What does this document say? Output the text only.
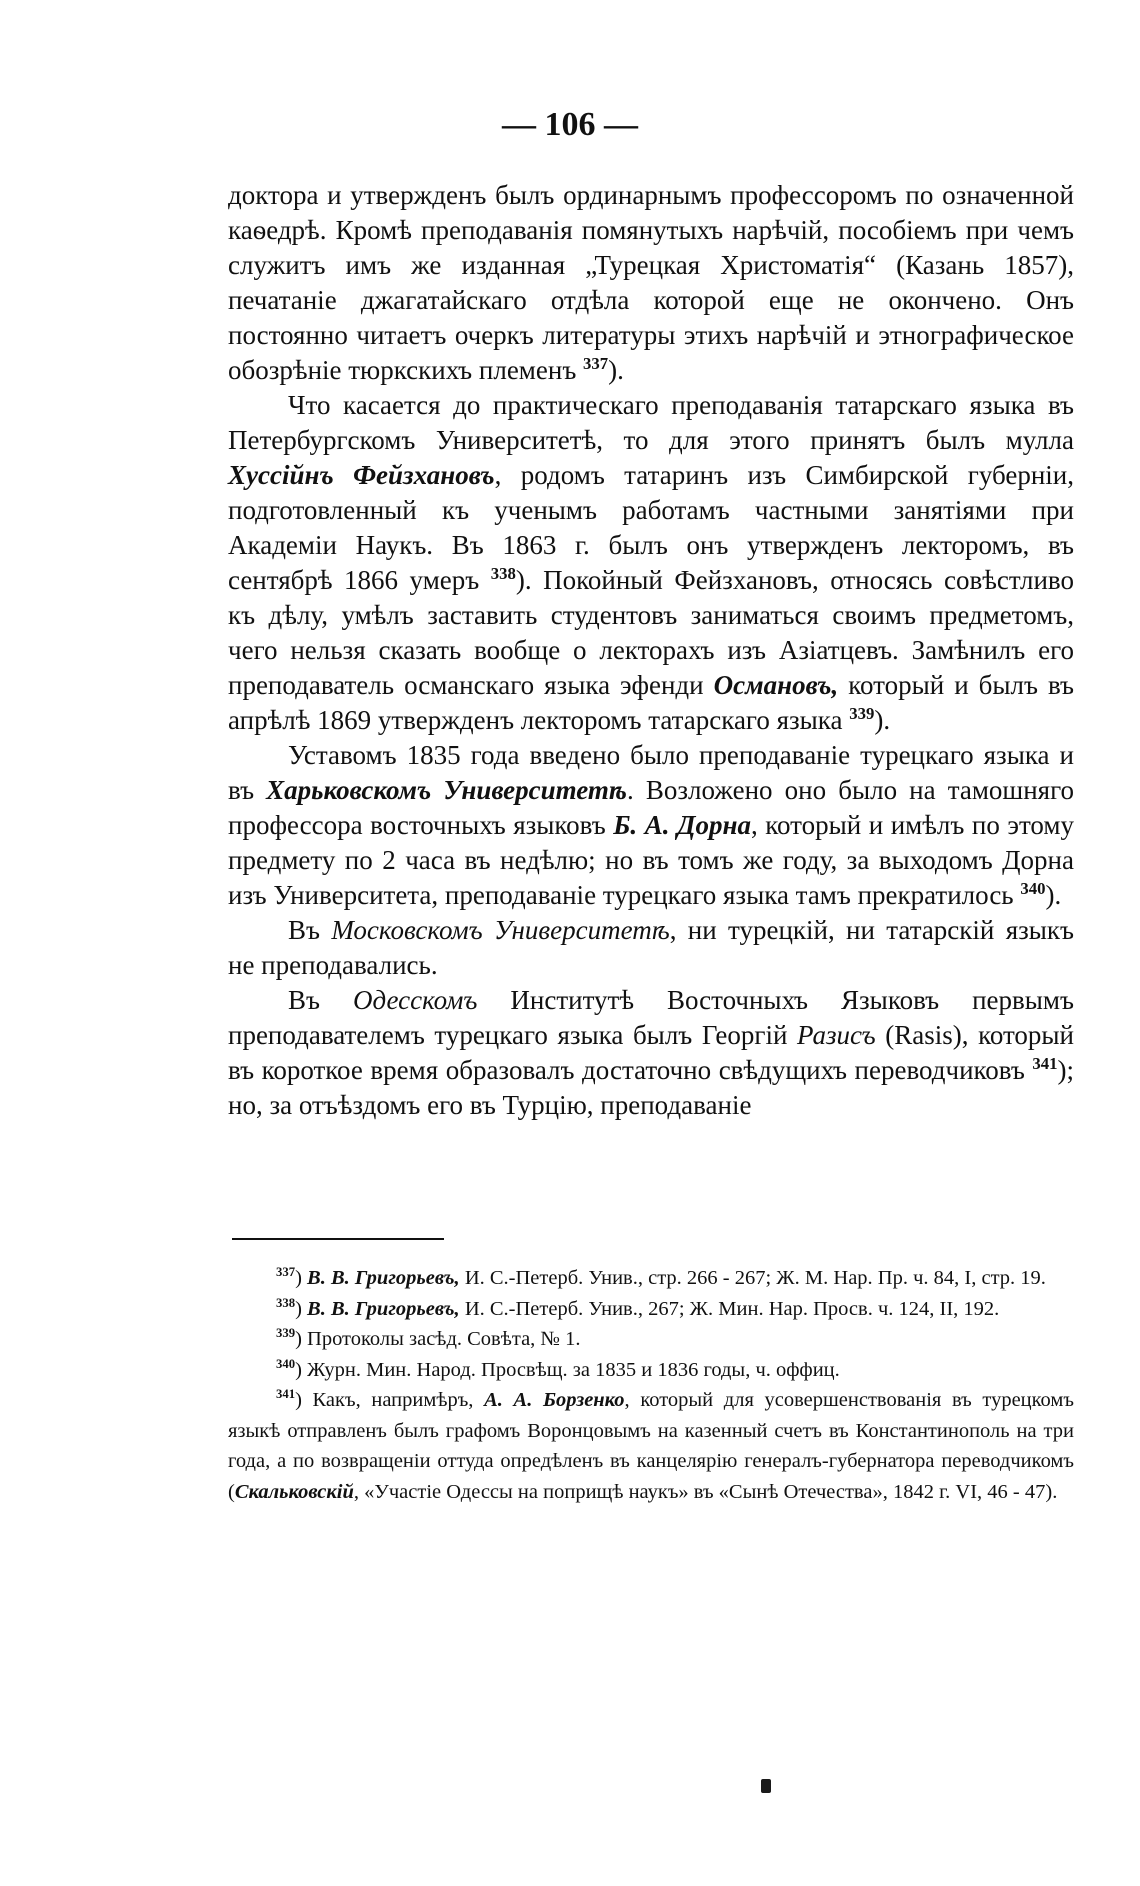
— 106 —

доктора и утвержденъ былъ ординарнымъ профессоромъ по означенной каѳедрѣ. Кромѣ преподаванія помянутыхъ нарѣчій, пособіемъ при чемъ служитъ имъ же изданная „Турецкая Христоматія“ (Казань 1857), печатаніе джагатайскаго отдѣла которой еще не окончено. Онъ постоянно читаетъ очеркъ литературы этихъ нарѣчій и этнографическое обозрѣніе тюркскихъ племенъ $^{337}$).

Что касается до практическаго преподаванія татарскаго языка въ Петербургскомъ Университетѣ, то для этого принятъ былъ мулла Хуссійнъ Фейзхановъ, родомъ татаринъ изъ Симбирской губерніи, подготовленный къ ученымъ работамъ частными занятіями при Академіи Наукъ. Въ 1863 г. былъ онъ утвержденъ лекторомъ, въ сентябрѣ 1866 умеръ $^{338}$). Покойный Фейзхановъ, относясь совѣстливо къ дѣлу, умѣлъ заставить студентовъ заниматься своимъ предметомъ, чего нельзя сказать вообще о лекторахъ изъ Азіатцевъ. Замѣнилъ его преподаватель османскаго языка эфенди Османовъ, который и былъ въ апрѣлѣ 1869 утвержденъ лекторомъ татарскаго языка $^{339}$).

Уставомъ 1835 года введено было преподаваніе турецкаго языка и въ Харьковскомъ Университетѣ. Возложено оно было на тамошняго профессора восточныхъ языковъ Б. А. Дорна, который и имѣлъ по этому предмету по 2 часа въ недѣлю; но въ томъ же году, за выходомъ Дорна изъ Университета, преподаваніе турецкаго языка тамъ прекратилось $^{340}$).

Въ Московскомъ Университетѣ, ни турецкій, ни татарскій языкъ не преподавались.

Въ Одесскомъ Институтѣ Восточныхъ Языковъ первымъ преподавателемъ турецкаго языка былъ Георгій Разисъ (Rasis), который въ короткое время образовалъ достаточно свѣдущихъ переводчиковъ $^{341}$); но, за отъѣздомъ его въ Турцію, преподаваніе

$^{337}$) В. В. Григорьевъ, И. С.-Петерб. Унив., стр. 266 - 267; Ж. М. Нар. Пр. ч. 84, I, стр. 19.

$^{338}$) В. В. Григорьевъ, И. С.-Петерб. Унив., 267; Ж. Мин. Нар. Просв. ч. 124, II, 192.

$^{339}$) Протоколы засѣд. Совѣта, № 1.

$^{340}$) Журн. Мин. Народ. Просвѣщ. за 1835 и 1836 годы, ч. оффиц.

$^{341}$) Какъ, напримѣръ, А. А. Борзенко, который для усовершенствованія въ турецкомъ языкѣ отправленъ былъ графомъ Воронцовымъ на казенный счетъ въ Константинополь на три года, а по возвращеніи оттуда опредѣленъ въ канцелярію генералъ-губернатора переводчикомъ (Скальковскій, «Участіе Одессы на поприщѣ наукъ» въ «Сынѣ Отечества», 1842 г. VI, 46 - 47).
